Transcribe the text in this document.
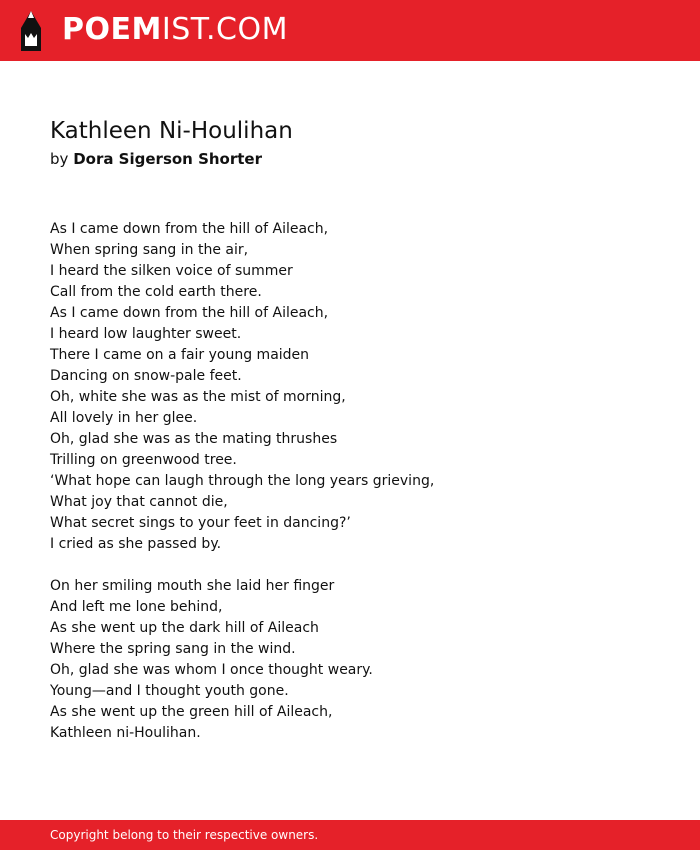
POEMIST.COM
Kathleen Ni-Houlihan
by Dora Sigerson Shorter
As I came down from the hill of Aileach,
When spring sang in the air,
I heard the silken voice of summer
Call from the cold earth there.
As I came down from the hill of Aileach,
I heard low laughter sweet.
There I came on a fair young maiden
Dancing on snow-pale feet.
Oh, white she was as the mist of morning,
All lovely in her glee.
Oh, glad she was as the mating thrushes
Trilling on greenwood tree.
‘What hope can laugh through the long years grieving,
What joy that cannot die,
What secret sings to your feet in dancing?’
I cried as she passed by.
On her smiling mouth she laid her finger
And left me lone behind,
As she went up the dark hill of Aileach
Where the spring sang in the wind.
Oh, glad she was whom I once thought weary.
Young—and I thought youth gone.
As she went up the green hill of Aileach,
Kathleen ni-Houlihan.
Copyright belong to their respective owners.
